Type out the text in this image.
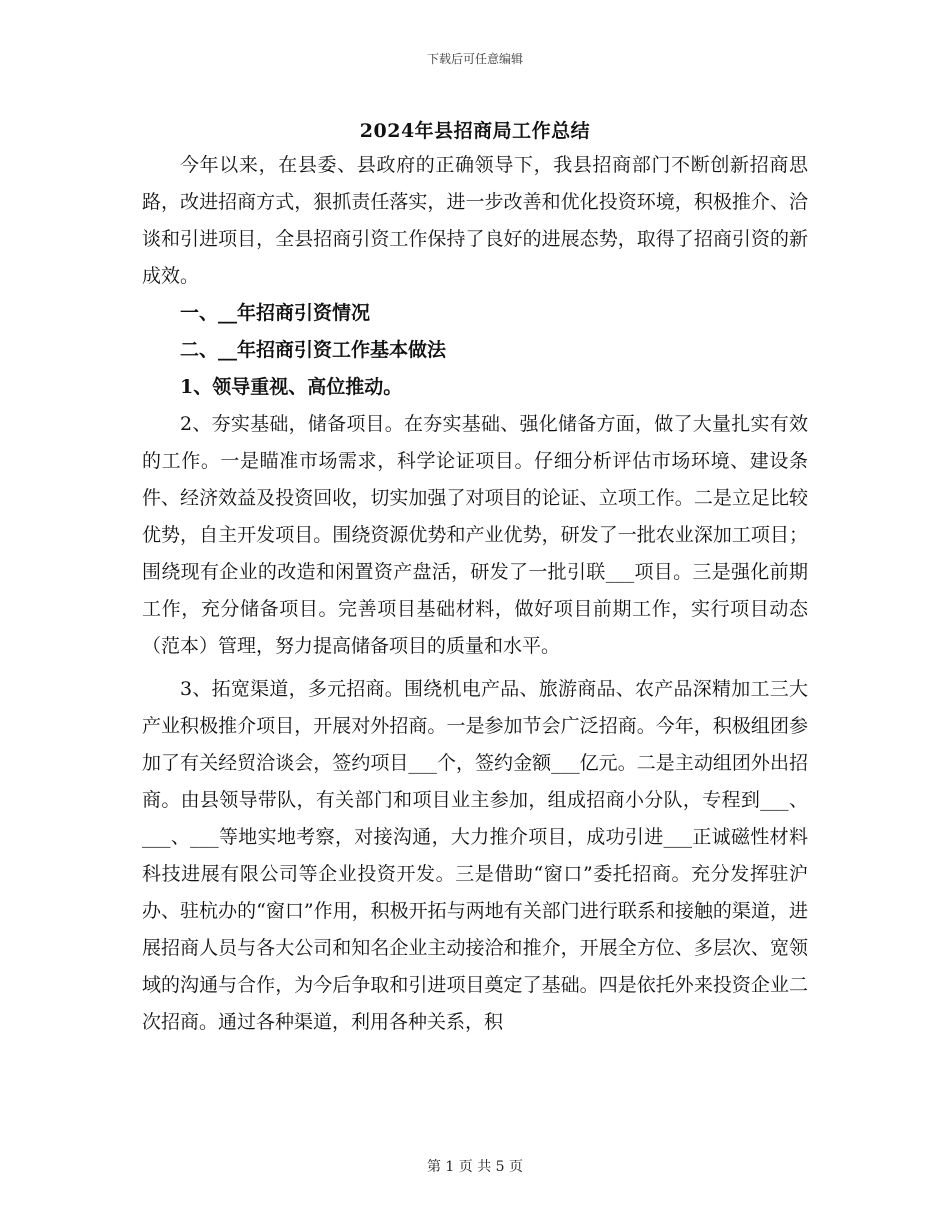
下载后可任意编辑
2024年县招商局工作总结

今年以来，在县委、县政府的正确领导下，我县招商部门不断创新招商思路，改进招商方式，狠抓责任落实，进一步改善和优化投资环境，积极推介、洽谈和引进项目，全县招商引资工作保持了良好的进展态势，取得了招商引资的新成效。

一、__年招商引资情况

二、__年招商引资工作基本做法

1、领导重视、高位推动。

2、夯实基础，储备项目。在夯实基础、强化储备方面，做了大量扎实有效的工作。一是瞄准市场需求，科学论证项目。仔细分析评估市场环境、建设条件、经济效益及投资回收，切实加强了对项目的论证、立项工作。二是立足比较优势，自主开发项目。围绕资源优势和产业优势，研发了一批农业深加工项目；围绕现有企业的改造和闲置资产盘活，研发了一批引联___项目。三是强化前期工作，充分储备项目。完善项目基础材料，做好项目前期工作，实行项目动态（范本）管理，努力提高储备项目的质量和水平。

3、拓宽渠道，多元招商。围绕机电产品、旅游商品、农产品深精加工三大产业积极推介项目，开展对外招商。一是参加节会广泛招商。今年，积极组团参加了有关经贸洽谈会，签约项目___个，签约金额___亿元。二是主动组团外出招商。由县领导带队，有关部门和项目业主参加，组成招商小分队，专程到___、___、___等地实地考察，对接沟通，大力推介项目，成功引进___正诚磁性材料科技进展有限公司等企业投资开发。三是借助“窗口”委托招商。充分发挥驻沪办、驻杭办的“窗口”作用，积极开拓与两地有关部门进行联系和接触的渠道，进展招商人员与各大公司和知名企业主动接洽和推介，开展全方位、多层次、宽领域的沟通与合作，为今后争取和引进项目奠定了基础。四是依托外来投资企业二次招商。通过各种渠道，利用各种关系，积

第 1 页 共 5 页
